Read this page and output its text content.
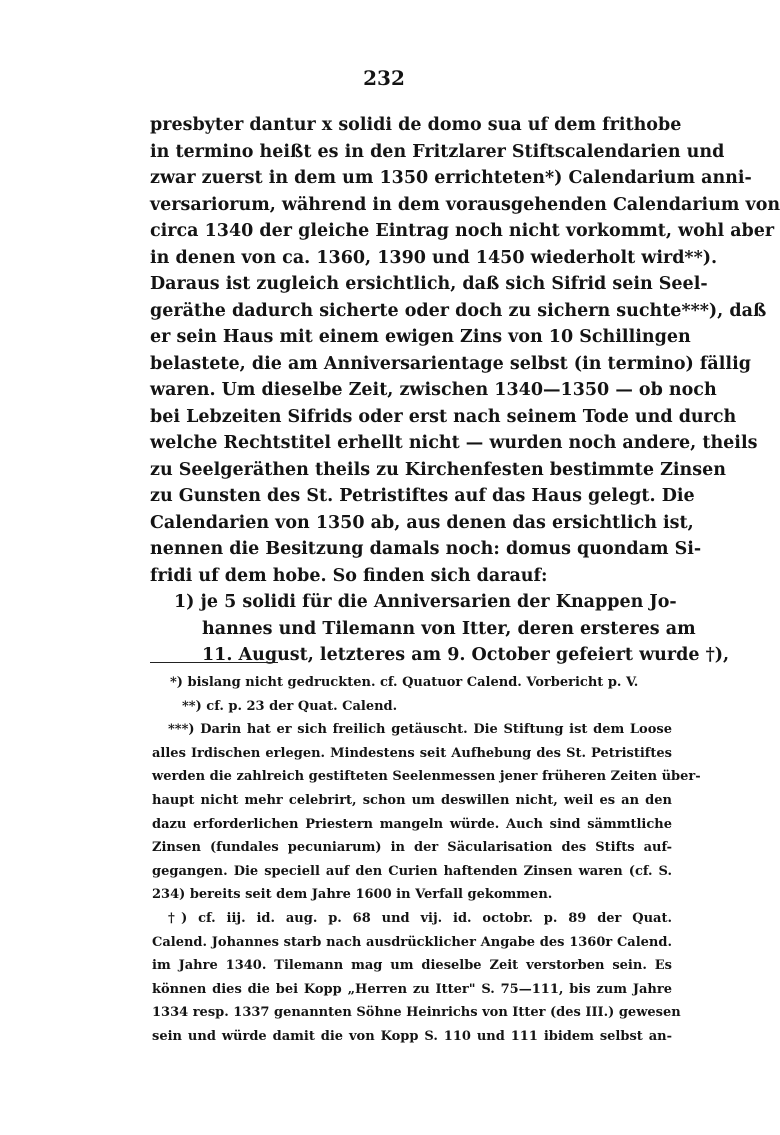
232
presbyter dantur x solidi de domo sua uf dem frithobe
in termino heißt es in den Fritzlarer Stiftscalendarien und
zwar zuerst in dem um 1350 errichteten*) Calendarium anni-
versariorum, während in dem vorausgehenden Calendarium von
circa 1340 der gleiche Eintrag noch nicht vorkommt, wohl aber
in denen von ca. 1360, 1390 und 1450 wiederholt wird**).
Daraus ist zugleich ersichtlich, daß sich Sifrid sein Seel-
geräthe dadurch sicherte oder doch zu sichern suchte***), daß
er sein Haus mit einem ewigen Zins von 10 Schillingen
belastete, die am Anniversarientage selbst (in termino) fällig
waren. Um dieselbe Zeit, zwischen 1340—1350 — ob noch
bei Lebzeiten Sifrids oder erst nach seinem Tode und durch
welche Rechtstitel erhellt nicht — wurden noch andere, theils
zu Seelgeräthen theils zu Kirchenfesten bestimmte Zinsen
zu Gunsten des St. Petristiftes auf das Haus gelegt. Die
Calendarien von 1350 ab, aus denen das ersichtlich ist,
nennen die Besitzung damals noch: domus quondam Si-
fridi uf dem hobe. So finden sich darauf:
1) je 5 solidi für die Anniversarien der Knappen Jo-
hannes und Tilemann von Itter, deren ersteres am
11. August, letzteres am 9. October gefeiert wurde †),
*) bislang nicht gedruckten. cf. Quatuor Calend. Vorbericht p. V.
**) cf. p. 23 der Quat. Calend.
***) Darin hat er sich freilich getäuscht. Die Stiftung ist dem Loose
alles Irdischen erlegen. Mindestens seit Aufhebung des St. Petristiftes
werden die zahlreich gestifteten Seelenmessen jener früheren Zeiten über-
haupt nicht mehr celebrirt, schon um deswillen nicht, weil es an den
dazu erforderlichen Priestern mangeln würde. Auch sind sämmtliche
Zinsen (fundales pecuniarum) in der Säcularisation des Stifts auf-
gegangen. Die speciell auf den Curien haftenden Zinsen waren (cf. S.
234) bereits seit dem Jahre 1600 in Verfall gekommen.
†) cf. iij. id. aug. p. 68 und vij. id. octobr. p. 89 der Quat.
Calend. Johannes starb nach ausdrücklicher Angabe des 1360r Calend.
im Jahre 1340. Tilemann mag um dieselbe Zeit verstorben sein. Es
können dies die bei Kopp „Herren zu Itter" S. 75—111, bis zum Jahre
1334 resp. 1337 genannten Söhne Heinrichs von Itter (des III.) gewesen
sein und würde damit die von Kopp S. 110 und 111 ibidem selbst an-
